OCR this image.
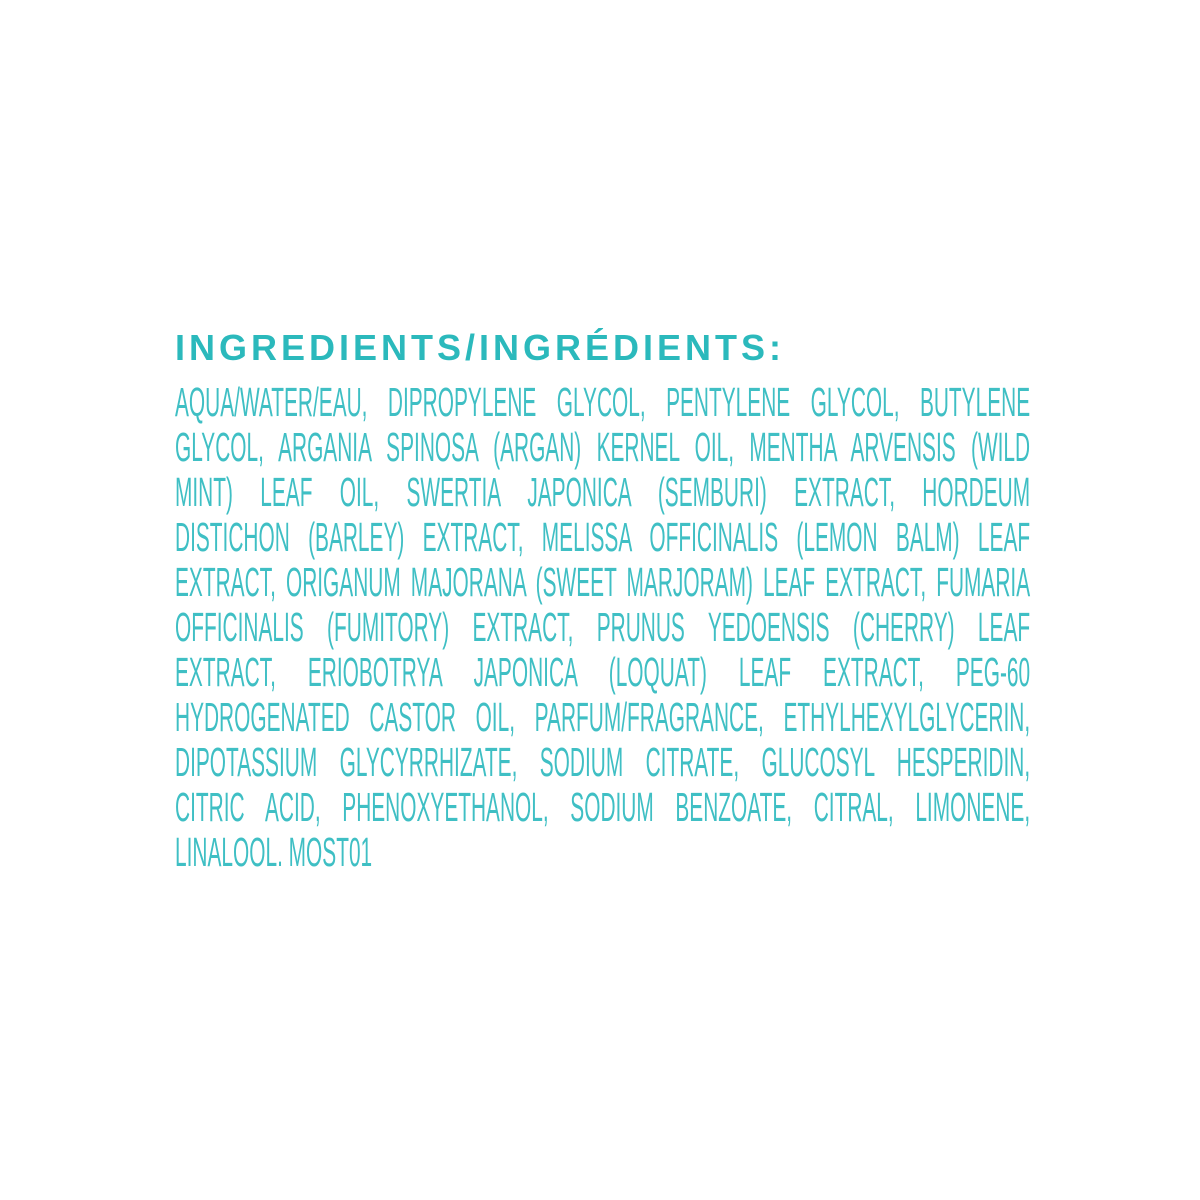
INGREDIENTS/INGRÉDIENTS:
AQUA/WATER/EAU, DIPROPYLENE GLYCOL, PENTYLENE GLYCOL, BUTYLENE
GLYCOL, ARGANIA SPINOSA (ARGAN) KERNEL OIL, MENTHA ARVENSIS (WILD
MINT) LEAF OIL, SWERTIA JAPONICA (SEMBURI) EXTRACT, HORDEUM
DISTICHON (BARLEY) EXTRACT, MELISSA OFFICINALIS (LEMON BALM) LEAF
EXTRACT, ORIGANUM MAJORANA (SWEET MARJORAM) LEAF EXTRACT, FUMARIA
OFFICINALIS (FUMITORY) EXTRACT, PRUNUS YEDOENSIS (CHERRY) LEAF
EXTRACT, ERIOBOTRYA JAPONICA (LOQUAT) LEAF EXTRACT, PEG-60
HYDROGENATED CASTOR OIL, PARFUM/FRAGRANCE, ETHYLHEXYLGLYCERIN,
DIPOTASSIUM GLYCYRRHIZATE, SODIUM CITRATE, GLUCOSYL HESPERIDIN,
CITRIC ACID, PHENOXYETHANOL, SODIUM BENZOATE, CITRAL, LIMONENE,
LINALOOL. MOST01
